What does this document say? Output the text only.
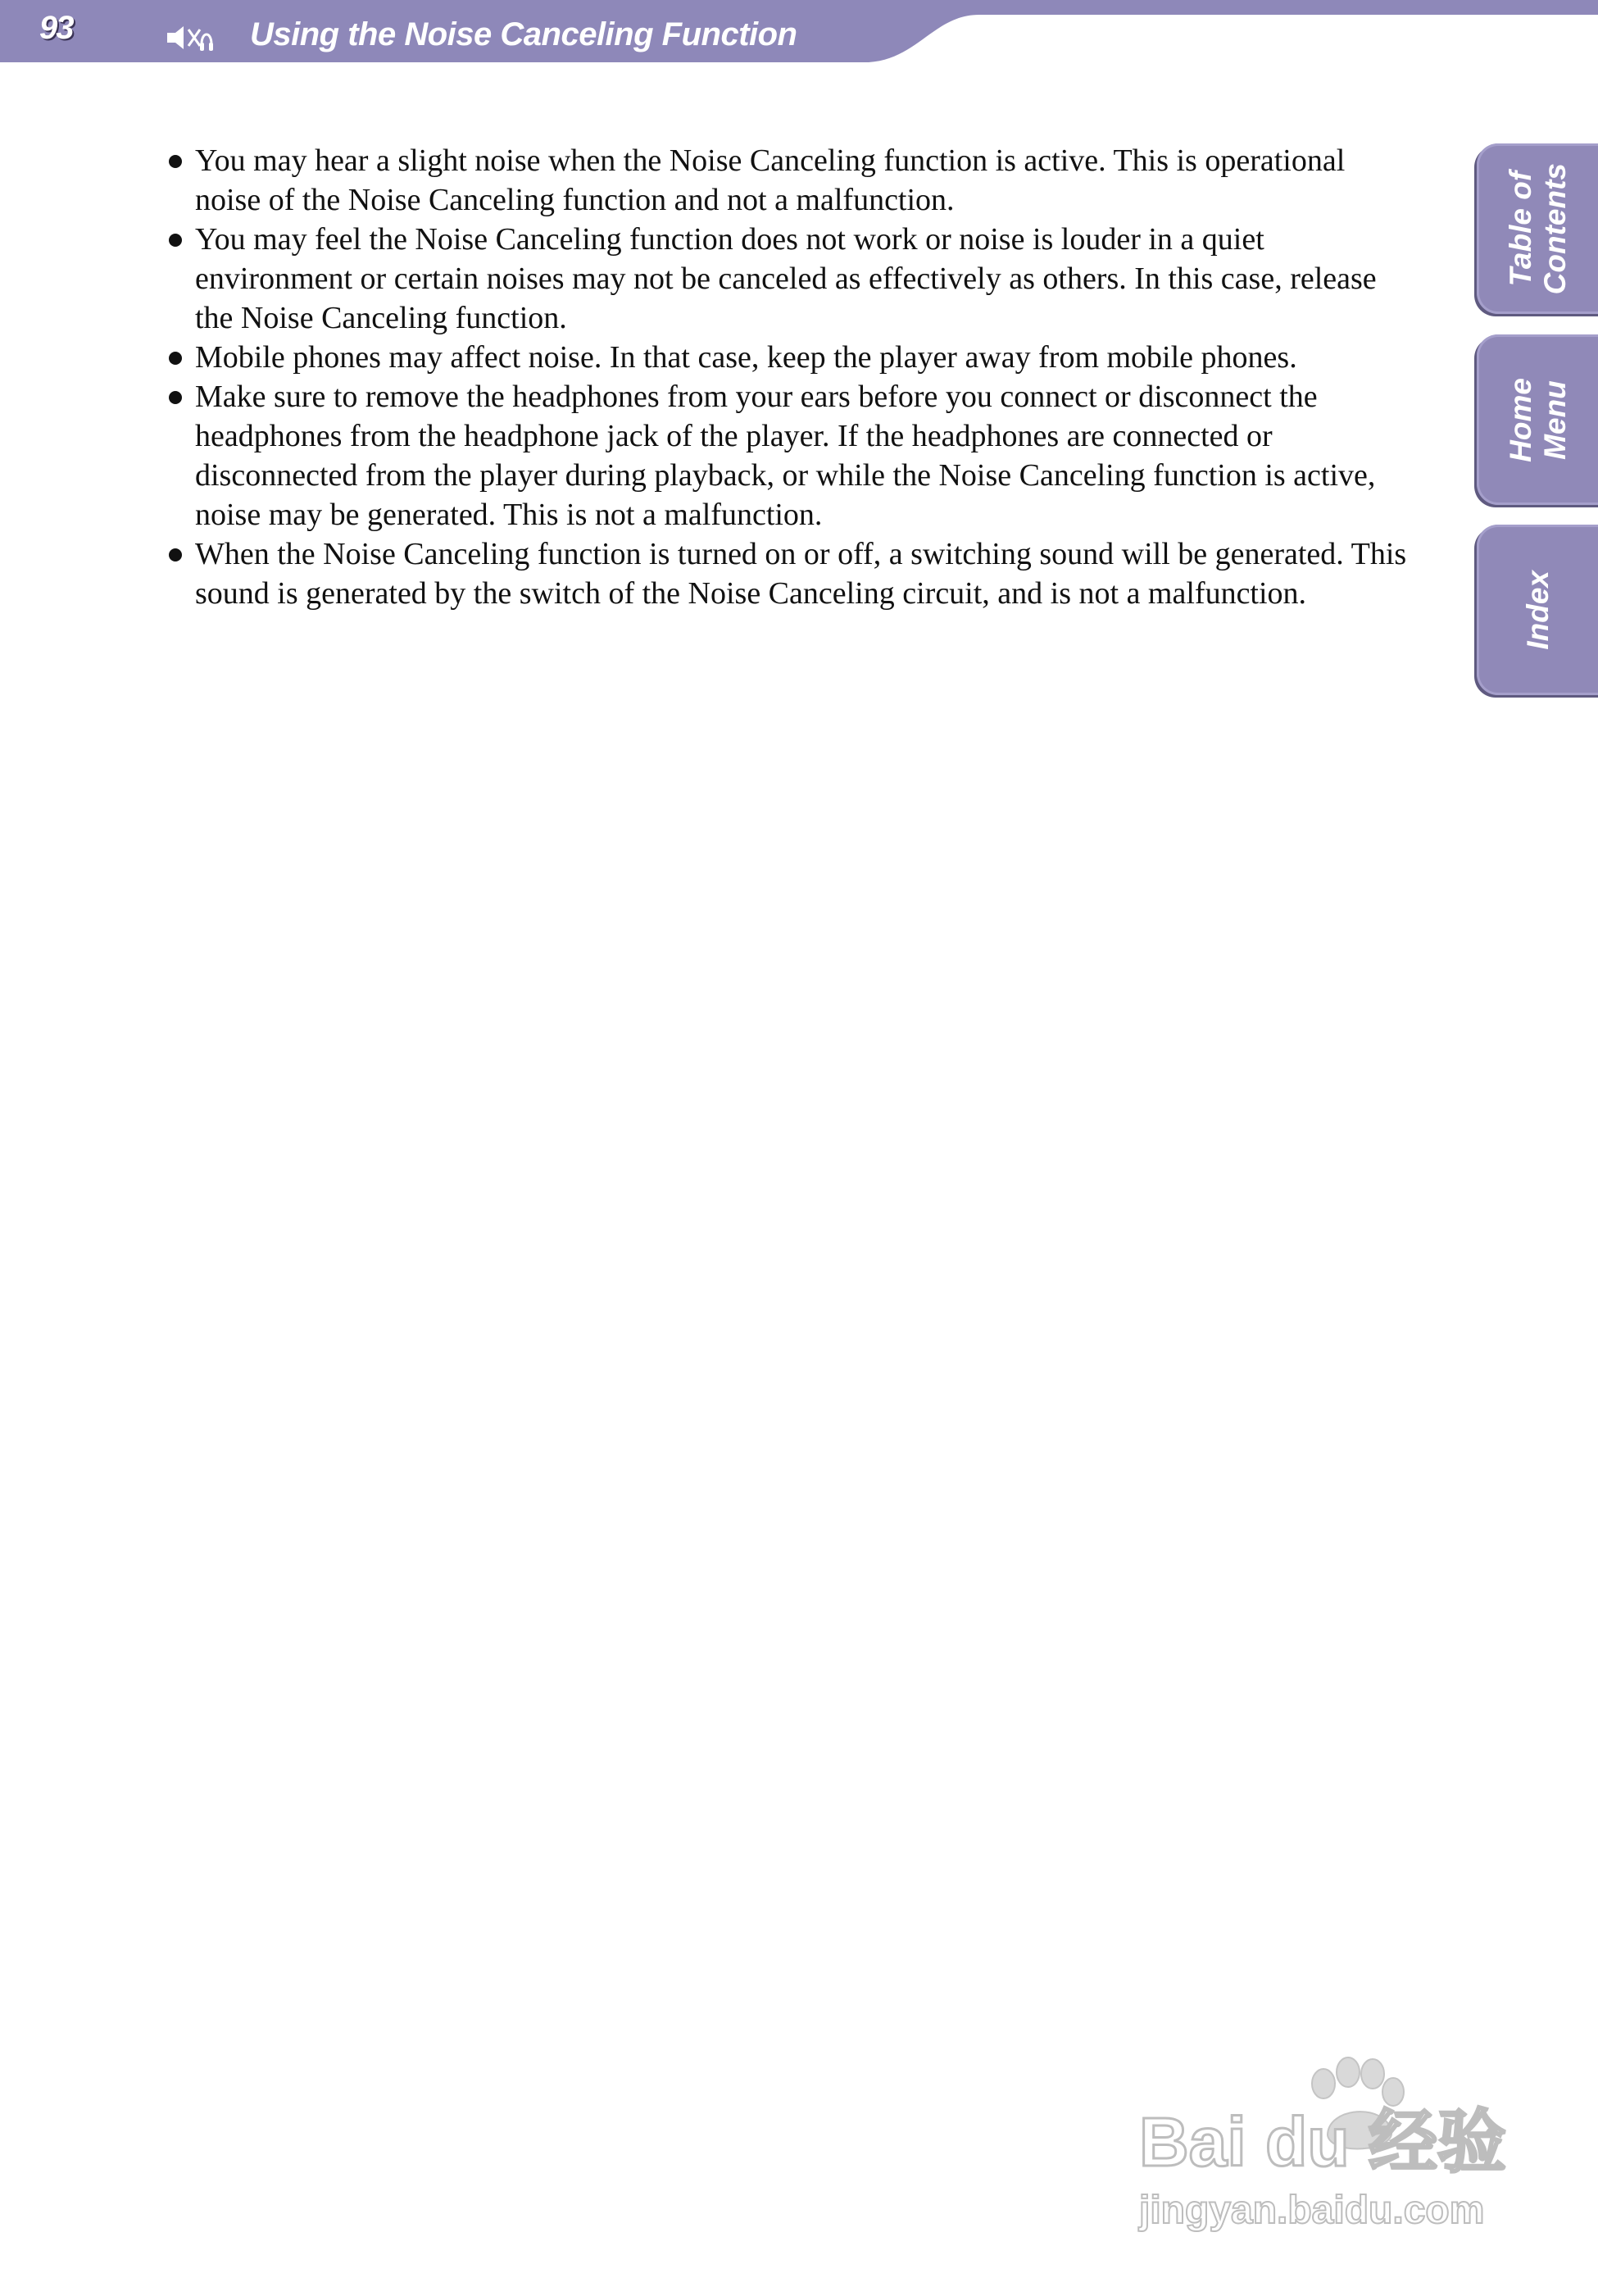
93	Using the Noise Canceling Function
You may hear a slight noise when the Noise Canceling function is active. This is operational noise of the Noise Canceling function and not a malfunction.
You may feel the Noise Canceling function does not work or noise is louder in a quiet environment or certain noises may not be canceled as effectively as others. In this case, release the Noise Canceling function.
Mobile phones may affect noise. In that case, keep the player away from mobile phones.
Make sure to remove the headphones from your ears before you connect or disconnect the headphones from the headphone jack of the player. If the headphones are connected or disconnected from the player during playback, or while the Noise Canceling function is active, noise may be generated. This is not a malfunction.
When the Noise Canceling function is turned on or off, a switching sound will be generated. This sound is generated by the switch of the Noise Canceling circuit, and is not a malfunction.
Table of
Contents
Home
Menu
Index
Bai du 经验
jingyan.baidu.com
